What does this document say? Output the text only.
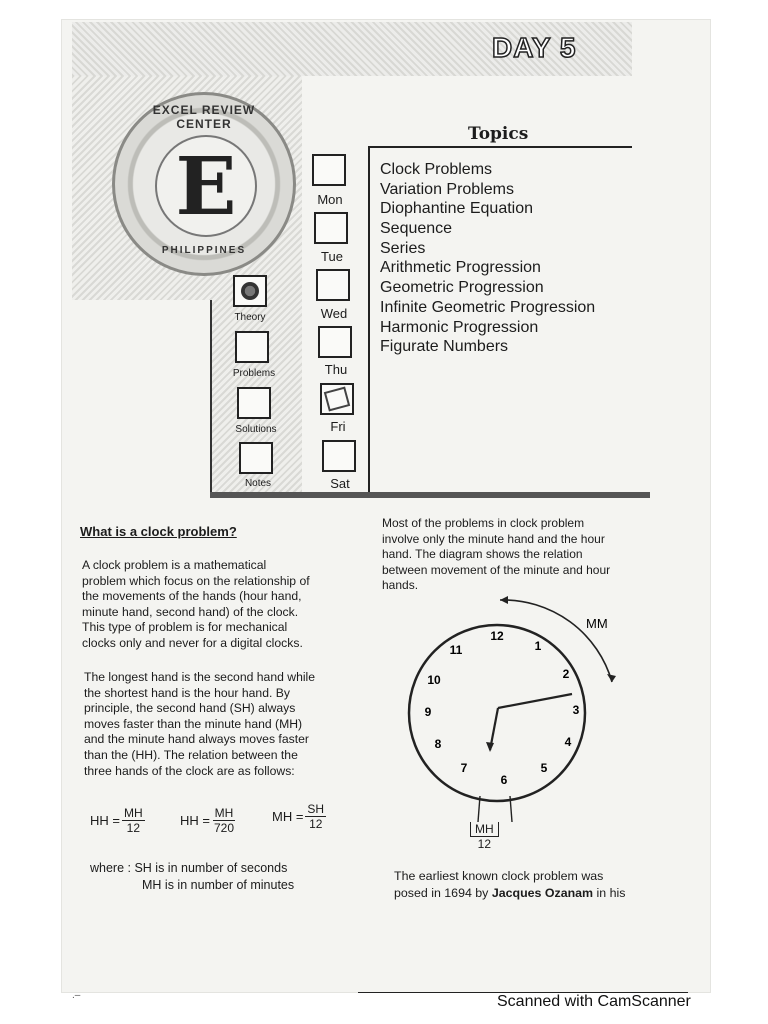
DAY 5
EXCEL REVIEW CENTER
E
PHILIPPINES
Topics
Clock Problems
Variation Problems
Diophantine Equation
Sequence
Series
Arithmetic Progression
Geometric Progression
Infinite Geometric Progression
Harmonic Progression
Figurate Numbers
Mon
Tue
Wed
Thu
Fri
Sat
Theory
Problems
Solutions
Notes
What is a clock problem?
A clock problem is a mathematical
problem which focus on the relationship of
the movements of the hands (hour hand,
minute hand, second hand) of the clock.
This type of problem is for mechanical
clocks only and never for a digital clocks.
The longest hand is the second hand while
the shortest hand is the hour hand. By
principle, the second hand (SH) always
moves faster than the minute hand (MH)
and the minute hand always moves faster
than the (HH). The relation between the
three hands of the clock are as follows:
HH = $\frac{MH}{12}$	HH = $\frac{MH}{720}$	MH = $\frac{SH}{12}$
where : SH is in number of seconds
MH is in number of minutes
Most of the problems in clock problem
involve only the minute hand and the hour
hand. The diagram shows the relation
between movement of the minute and hour
hands.
MM
12
1
2
3
4
5
6
7
8
9
10
11
$\frac{MH}{12}$
The earliest known clock problem was
posed in 1694 by Jacques Ozanam in his
.–	Scanned with CamScanner
